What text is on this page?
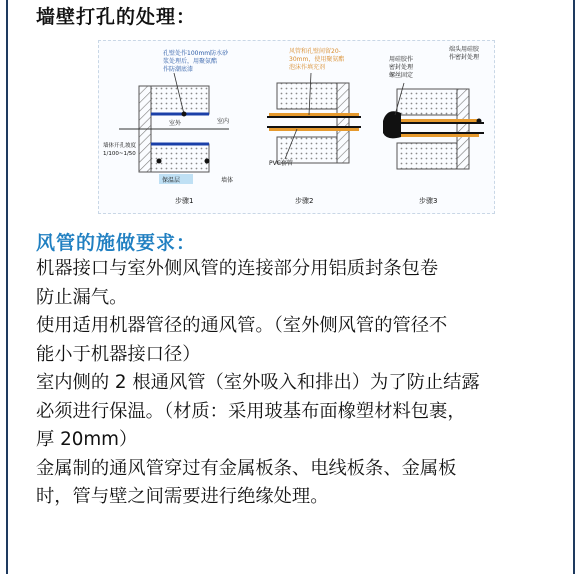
墙壁打孔的处理：
孔壁处作100mm防水砂
浆处理后，用聚氨酯
作防潮底漆
室内
室外
墙体开孔坡度
1/100~1/50
保温层	墙体
步骤1
风管和孔壁间留20-
30mm，使用聚氨酯
泡沫作填充剂
PVC套管
步骤2
用硅胶作
密封处理
螺丝固定
端头用硅胶
作密封处理
步骤3
风管的施做要求：
机器接口与室外侧风管的连接部分用铝质封条包卷
防止漏气。
使用适用机器管径的通风管。（室外侧风管的管径不
能小于机器接口径）
室内侧的 2 根通风管（室外吸入和排出）为了防止结露
必须进行保温。（材质：采用玻基布面橡塑材料包裹，
厚 20mm）
金属制的通风管穿过有金属板条、电线板条、金属板
时，管与壁之间需要进行绝缘处理。
